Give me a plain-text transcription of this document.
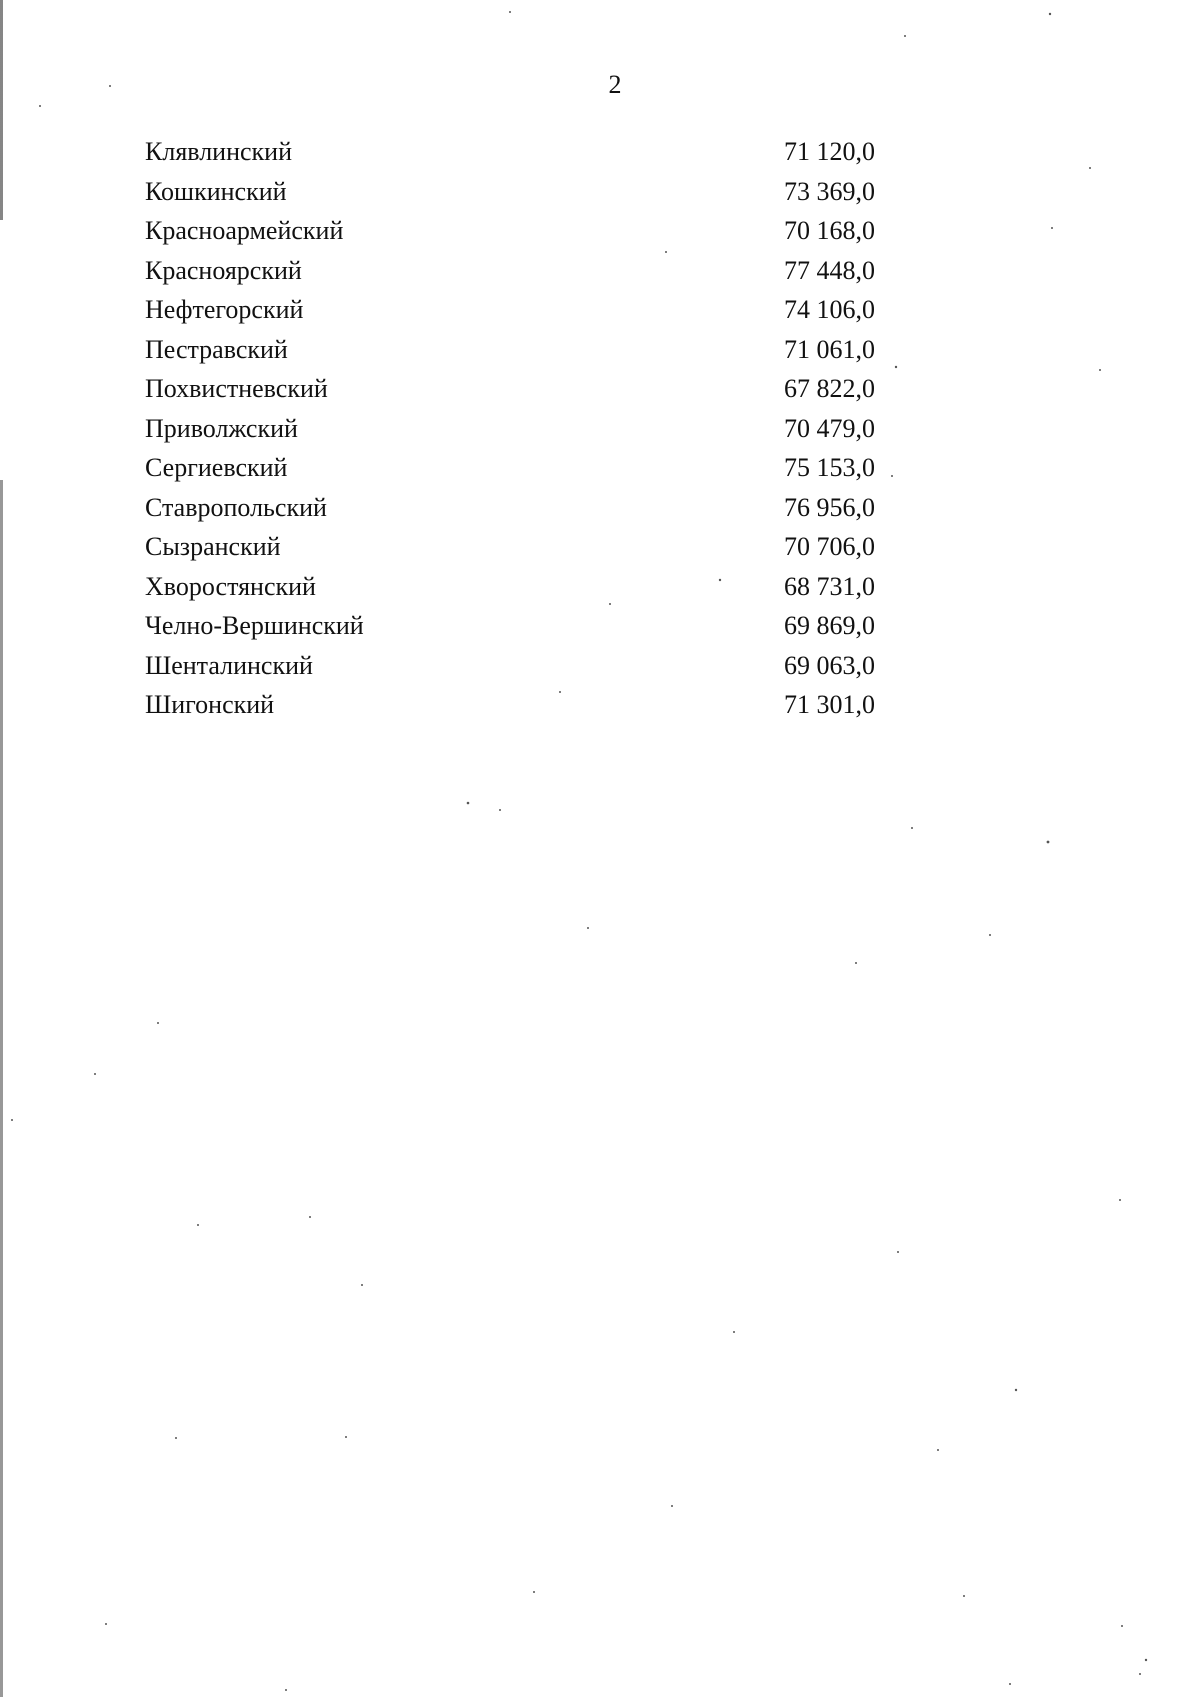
2
Клявлинский	71 120,0
Кошкинский	73 369,0
Красноармейский	70 168,0
Красноярский	77 448,0
Нефтегорский	74 106,0
Пестравский	71 061,0
Похвистневский	67 822,0
Приволжский	70 479,0
Сергиевский	75 153,0
Ставропольский	76 956,0
Сызранский	70 706,0
Хворостянский	68 731,0
Челно-Вершинский	69 869,0
Шенталинский	69 063,0
Шигонский	71 301,0
